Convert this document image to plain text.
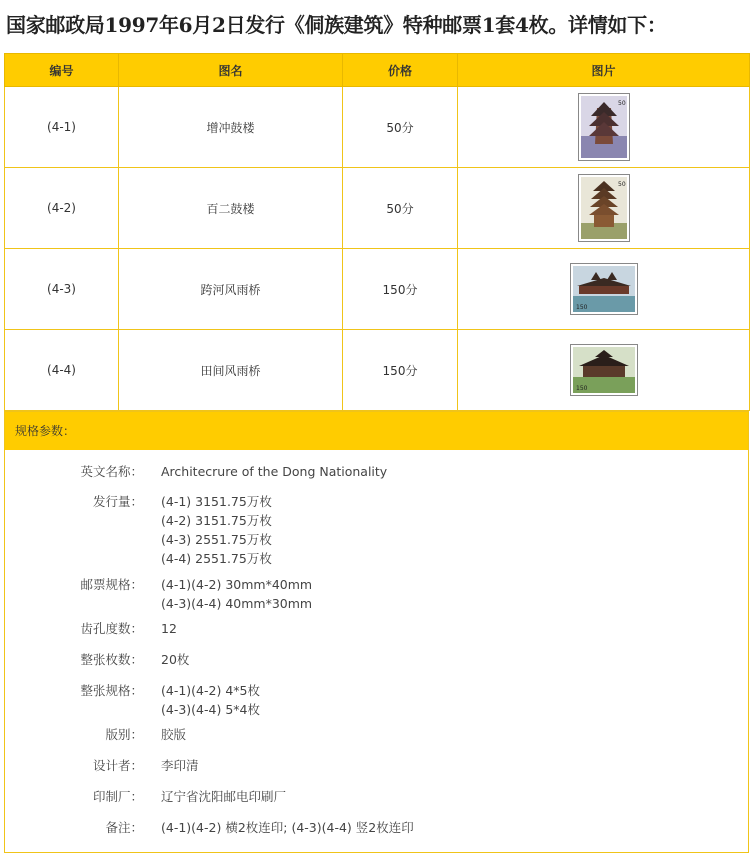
国家邮政局1997年6月2日发行《侗族建筑》特种邮票1套4枚。详情如下：
编号	图名	价格	图片
(4-1)	增冲鼓楼	50分	50

(4-2)	百二鼓楼	50分	50

(4-3)	跨河风雨桥	150分	150

(4-4)	田间风雨桥	150分	150
规格参数：
英文名称： Architecrure of the Dong Nationality
发行量： (4-1) 3151.75万枚
(4-2) 3151.75万枚
(4-3) 2551.75万枚
(4-4) 2551.75万枚
邮票规格： (4-1)(4-2) 30mm*40mm
(4-3)(4-4) 40mm*30mm
齿孔度数： 12
整张枚数： 20枚
整张规格： (4-1)(4-2) 4*5枚
(4-3)(4-4) 5*4枚
版别： 胶版
设计者： 李印清
印制厂： 辽宁省沈阳邮电印刷厂
备注： (4-1)(4-2) 横2枚连印; (4-3)(4-4) 竖2枚连印
